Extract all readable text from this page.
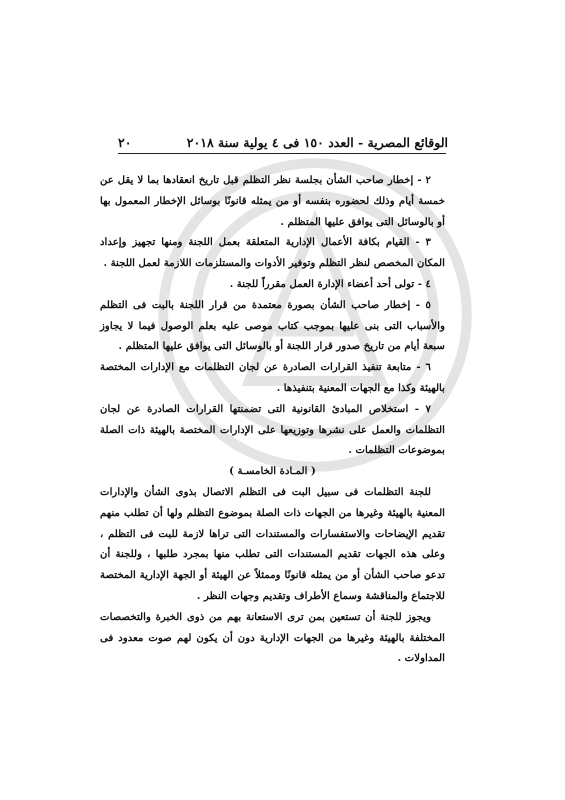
الوقائع المصرية - العدد ١٥٠ فى ٤ يولية سنة ٢٠١٨
٢٠

٢ - إخطار صاحب الشأن بجلسة نظر التظلم قبل تاريخ انعقادها بما لا يقل عن خمسة أيام وذلك لحضوره بنفسه أو من يمثله قانونًا بوسائل الإخطار المعمول بها أو بالوسائل التى يوافق عليها المتظلم .

٣ - القيام بكافة الأعمال الإدارية المتعلقة بعمل اللجنة ومنها تجهيز وإعداد المكان المخصص لنظر التظلم وتوفير الأدوات والمستلزمات اللازمة لعمل اللجنة .

٤ - تولى أحد أعضاء الإدارة العمل مقرراً للجنة .

٥ - إخطار صاحب الشأن بصورة معتمدة من قرار اللجنة بالبت فى التظلم والأسباب التى بنى عليها بموجب كتاب موصى عليه بعلم الوصول فيما لا يجاوز سبعة أيام من تاريخ صدور قرار اللجنة أو بالوسائل التى يوافق عليها المتظلم .

٦ - متابعة تنفيذ القرارات الصادرة عن لجان التظلمات مع الإدارات المختصة بالهيئة وكذا مع الجهات المعنية بتنفيذها .

٧ - استخلاص المبادئ القانونية التى تضمنتها القرارات الصادرة عن لجان التظلمات والعمل على نشرها وتوزيعها على الإدارات المختصة بالهيئة ذات الصلة بموضوعات التظلمات .

( المـادة الخامسـة )

للجنة التظلمات فى سبيل البت فى التظلم الاتصال بذوى الشأن والإدارات المعنية بالهيئة وغيرها من الجهات ذات الصلة بموضوع التظلم ولها أن تطلب منهم تقديم الإيضاحات والاستفسارات والمستندات التى تراها لازمة للبت فى التظلم ، وعلى هذه الجهات تقديم المستندات التى تطلب منها بمجرد طلبها ، وللجنة أن تدعو صاحب الشأن أو من يمثله قانونًا وممثلاً عن الهيئة أو الجهة الإدارية المختصة للاجتماع والمناقشة وسماع الأطراف وتقديم وجهات النظر .

ويجوز للجنة أن تستعين بمن ترى الاستعانة بهم من ذوى الخبرة والتخصصات المختلفة بالهيئة وغيرها من الجهات الإدارية دون أن يكون لهم صوت معدود فى المداولات .
